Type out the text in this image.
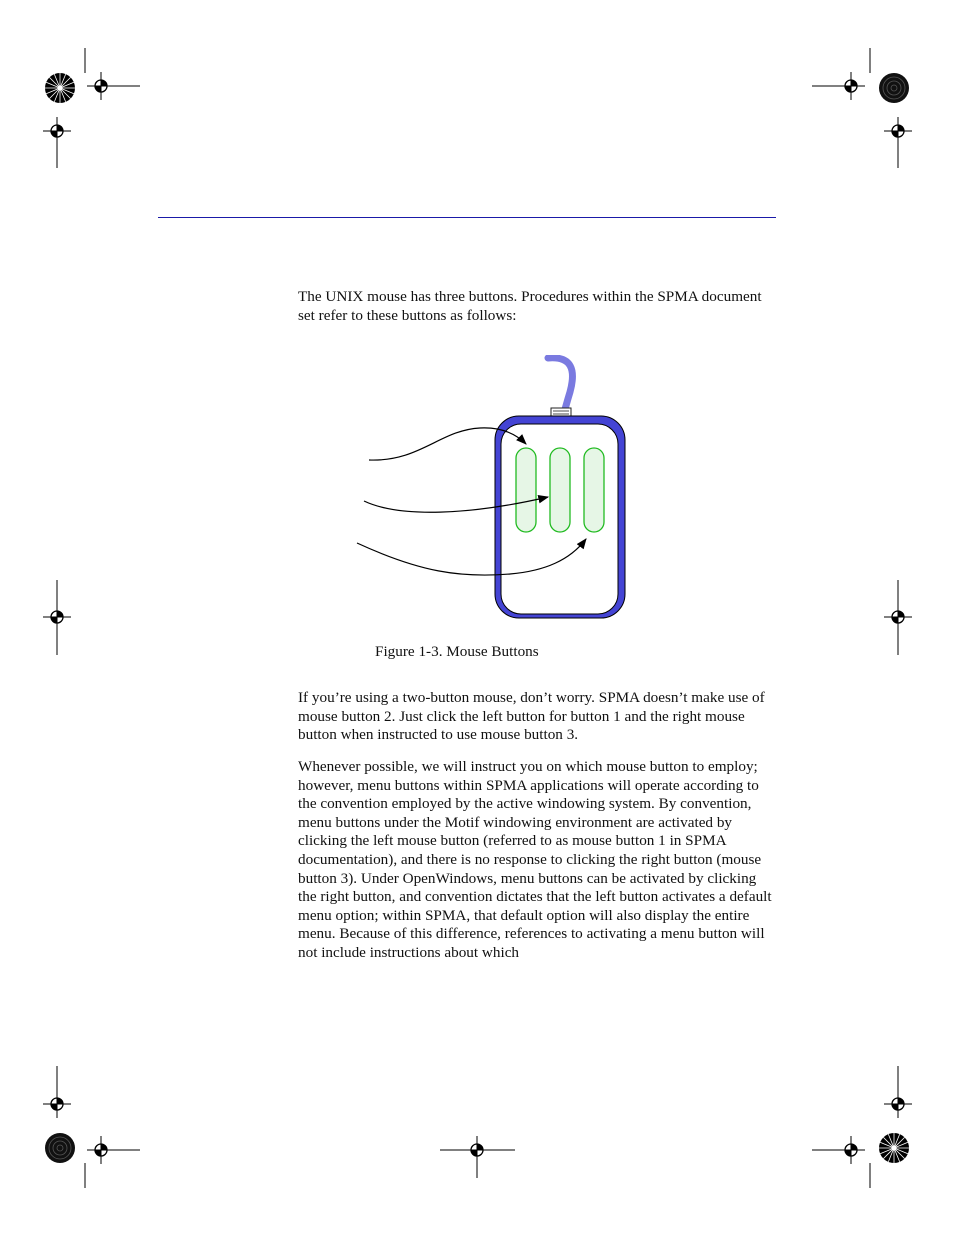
The UNIX mouse has three buttons. Procedures within the SPMA document set refer to these buttons as follows:

Figure 1-3. Mouse Buttons

If you’re using a two-button mouse, don’t worry. SPMA doesn’t make use of mouse button 2. Just click the left button for button 1 and the right mouse button when instructed to use mouse button 3.

Whenever possible, we will instruct you on which mouse button to employ; however, menu buttons within SPMA applications will operate according to the convention employed by the active windowing system. By convention, menu buttons under the Motif windowing environment are activated by clicking the left mouse button (referred to as mouse button 1 in SPMA documentation), and there is no response to clicking the right button (mouse button 3). Under OpenWindows, menu buttons can be activated by clicking the right button, and convention dictates that the left button activates a default menu option; within SPMA, that default option will also display the entire menu. Because of this difference, references to activating a menu button will not include instructions about which
